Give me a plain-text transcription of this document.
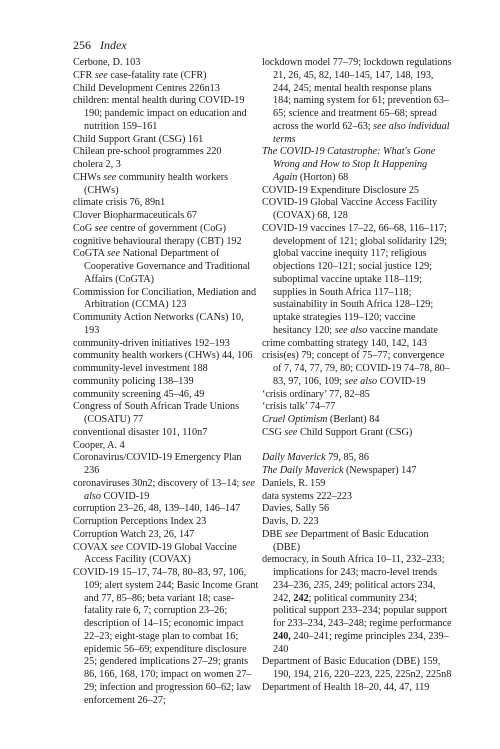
256 Index

Cerbone, D. 103

CFR see case-fatality rate (CFR)

Child Development Centres 226n13

children: mental health during COVID-19 190; pandemic impact on education and nutrition 159–161

Child Support Grant (CSG) 161

Chilean pre-school programmes 220

cholera 2, 3

CHWs see community health workers (CHWs)

climate crisis 76, 89n1

Clover Biopharmaceuticals 67

CoG see centre of government (CoG)

cognitive behavioural therapy (CBT) 192

CoGTA see National Department of Cooperative Governance and Traditional Affairs (CoGTA)

Commission for Conciliation, Mediation and Arbitration (CCMA) 123

Community Action Networks (CANs) 10, 193

community-driven initiatives 192–193

community health workers (CHWs) 44, 106

community-level investment 188

community policing 138–139

community screening 45–46, 49

Congress of South African Trade Unions (COSATU) 77

conventional disaster 101, 110n7

Cooper, A. 4

Coronavirus/COVID-19 Emergency Plan 236

coronaviruses 30n2; discovery of 13–14; see also COVID-19

corruption 23–26, 48, 139–140, 146–147

Corruption Perceptions Index 23

Corruption Watch 23, 26, 147

COVAX see COVID-19 Global Vaccine Access Facility (COVAX)

COVID-19 15–17, 74–78, 80–83, 97, 106, 109; alert system 244; Basic Income Grant and 77, 85–86; beta variant 18; case-fatality rate 6, 7; corruption 23–26; description of 14–15; economic impact 22–23; eight-stage plan to combat 16; epidemic 56–69; expenditure disclosure 25; gendered implications 27–29; grants 86, 166, 168, 170; impact on women 27–29; infection and progression 60–62; law enforcement 26–27;

lockdown model 77–79; lockdown regulations 21, 26, 45, 82, 140–145, 147, 148, 193, 244, 245; mental health response plans 184; naming system for 61; prevention 63–65; science and treatment 65–68; spread across the world 62–63; see also individual terms

The COVID-19 Catastrophe: What's Gone Wrong and How to Stop It Happening Again (Horton) 68

COVID-19 Expenditure Disclosure 25

COVID-19 Global Vaccine Access Facility (COVAX) 68, 128

COVID-19 vaccines 17–22, 66–68, 116–117; development of 121; global solidarity 129; global vaccine inequity 117; religious objections 120–121; social justice 129; suboptimal vaccine uptake 118–119; supplies in South Africa 117–118; sustainability in South Africa 128–129; uptake strategies 119–120; vaccine hesitancy 120; see also vaccine mandate

crime combatting strategy 140, 142, 143

crisis(es) 79; concept of 75–77; convergence of 7, 74, 77, 79, 80; COVID-19 74–78, 80–83, 97, 106, 109; see also COVID-19

‘crisis ordinary’ 77, 82–85

‘crisis talk’ 74–77

Cruel Optimism (Berlant) 84

CSG see Child Support Grant (CSG)

Daily Maverick 79, 85, 86

The Daily Maverick (Newspaper) 147

Daniels, R. 159

data systems 222–223

Davies, Sally 56

Davis, D. 223

DBE see Department of Basic Education (DBE)

democracy, in South Africa 10–11, 232–233; implications for 243; macro-level trends 234–236, 235, 249; political actors 234, 242, 242; political community 234; political support 233–234; popular support for 233–234, 243–248; regime performance 240, 240–241; regime principles 234, 239–240

Department of Basic Education (DBE) 159, 190, 194, 216, 220–223, 225, 225n2, 225n8

Department of Health 18–20, 44, 47, 119
